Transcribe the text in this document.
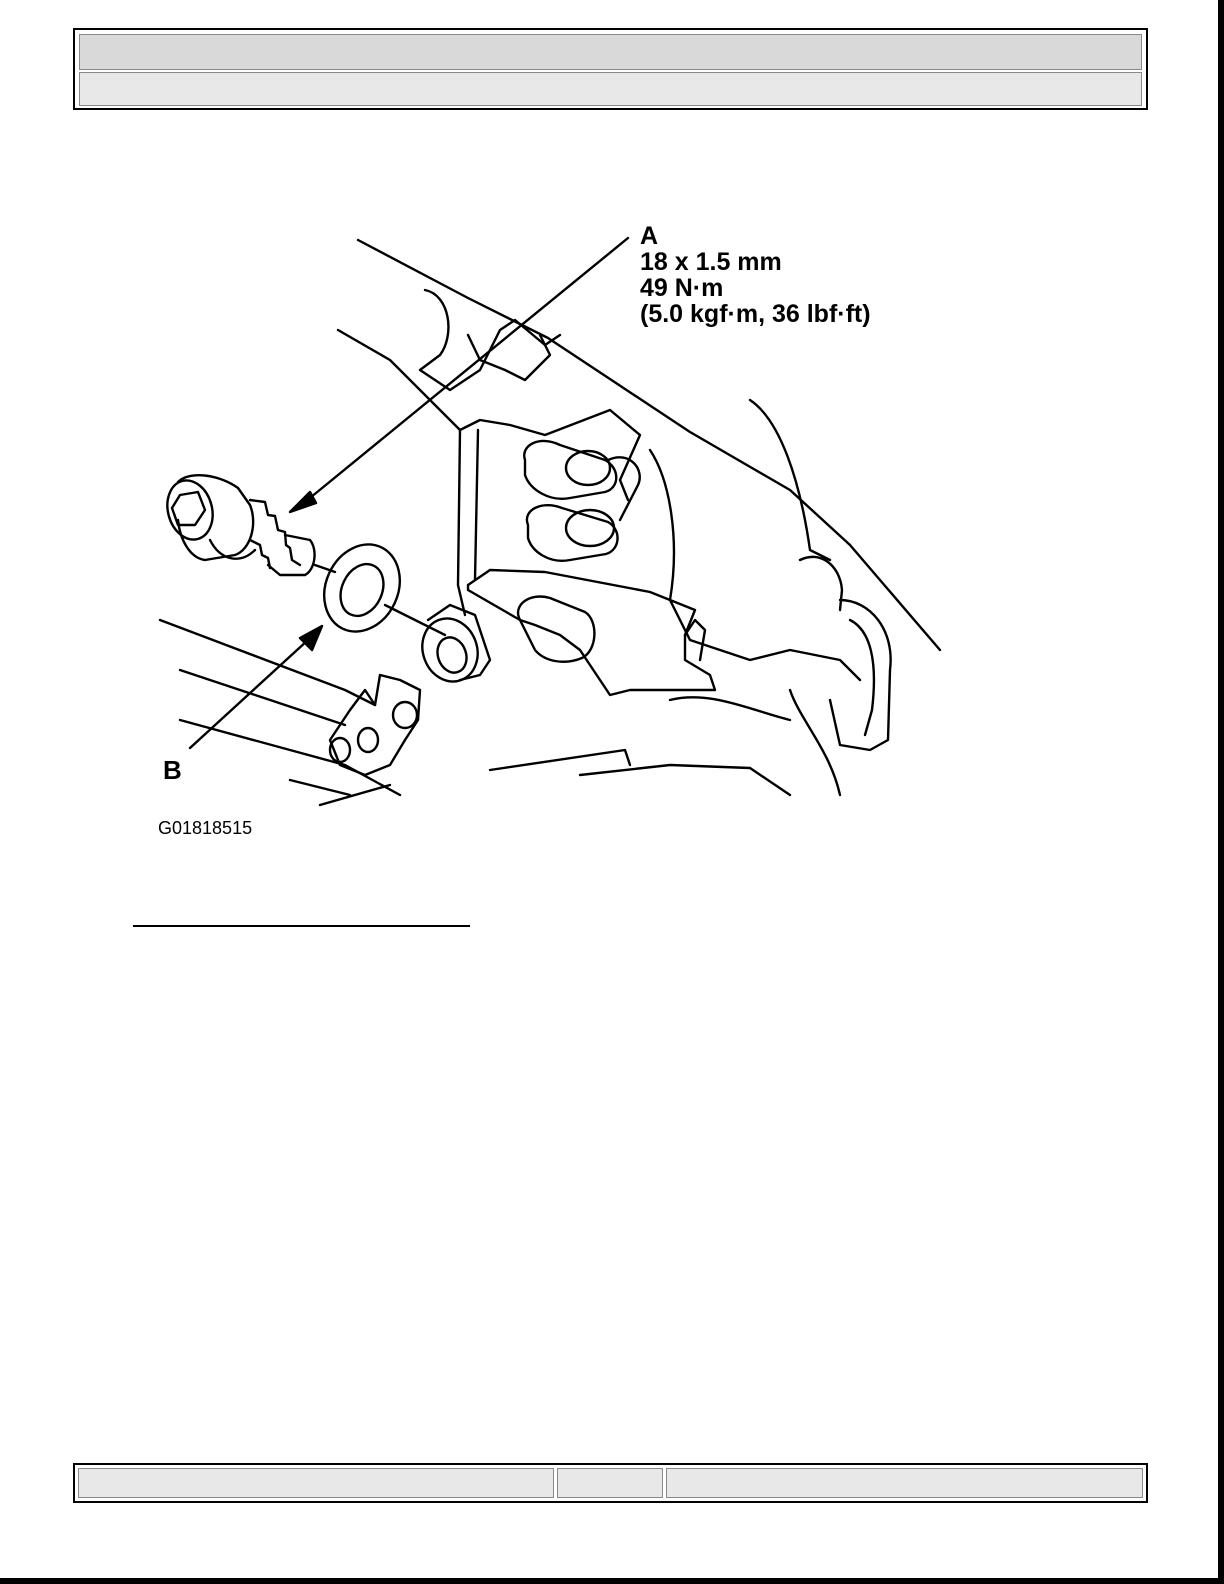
A
18 x 1.5 mm
49 N·m
(5.0 kgf·m, 36 lbf·ft)
B
G01818515
